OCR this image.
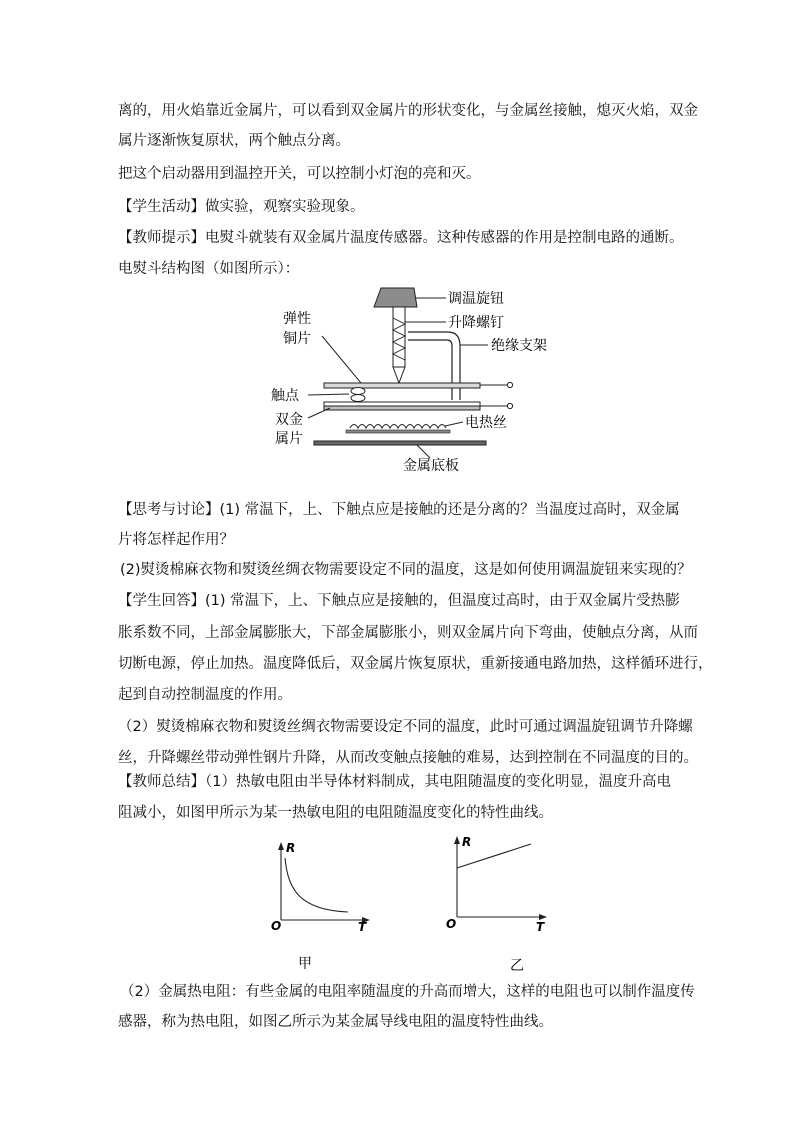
离的，用火焰靠近金属片，可以看到双金属片的形状变化，与金属丝接触，熄灭火焰，双金
属片逐渐恢复原状，两个触点分离。
把这个启动器用到温控开关，可以控制小灯泡的亮和灭。
【学生活动】做实验，观察实验现象。
【教师提示】电熨斗就装有双金属片温度传感器。这种传感器的作用是控制电路的通断。
电熨斗结构图（如图所示）：
调温旋钮
升降螺钉
绝缘支架
弹性
铜片
触点
双金
属片
电热丝
金属底板
【思考与讨论】(1) 常温下，上、下触点应是接触的还是分离的？当温度过高时，双金属
片将怎样起作用？
(2)熨烫棉麻衣物和熨烫丝绸衣物需要设定不同的温度，这是如何使用调温旋钮来实现的？
【学生回答】(1) 常温下，上、下触点应是接触的，但温度过高时，由于双金属片受热膨
胀系数不同，上部金属膨胀大，下部金属膨胀小，则双金属片向下弯曲，使触点分离，从而
切断电源，停止加热。温度降低后，双金属片恢复原状，重新接通电路加热，这样循环进行，
起到自动控制温度的作用。
（2）熨烫棉麻衣物和熨烫丝绸衣物需要设定不同的温度，此时可通过调温旋钮调节升降螺
丝，升降螺丝带动弹性钢片升降，从而改变触点接触的难易，达到控制在不同温度的目的。
【教师总结】（1）热敏电阻由半导体材料制成，其电阻随温度的变化明显，温度升高电
阻减小，如图甲所示为某一热敏电阻的电阻随温度变化的特性曲线。
R
T
O
甲
R
T
O
乙
（2）金属热电阻：有些金属的电阻率随温度的升高而增大，这样的电阻也可以制作温度传
感器，称为热电阻，如图乙所示为某金属导线电阻的温度特性曲线。
